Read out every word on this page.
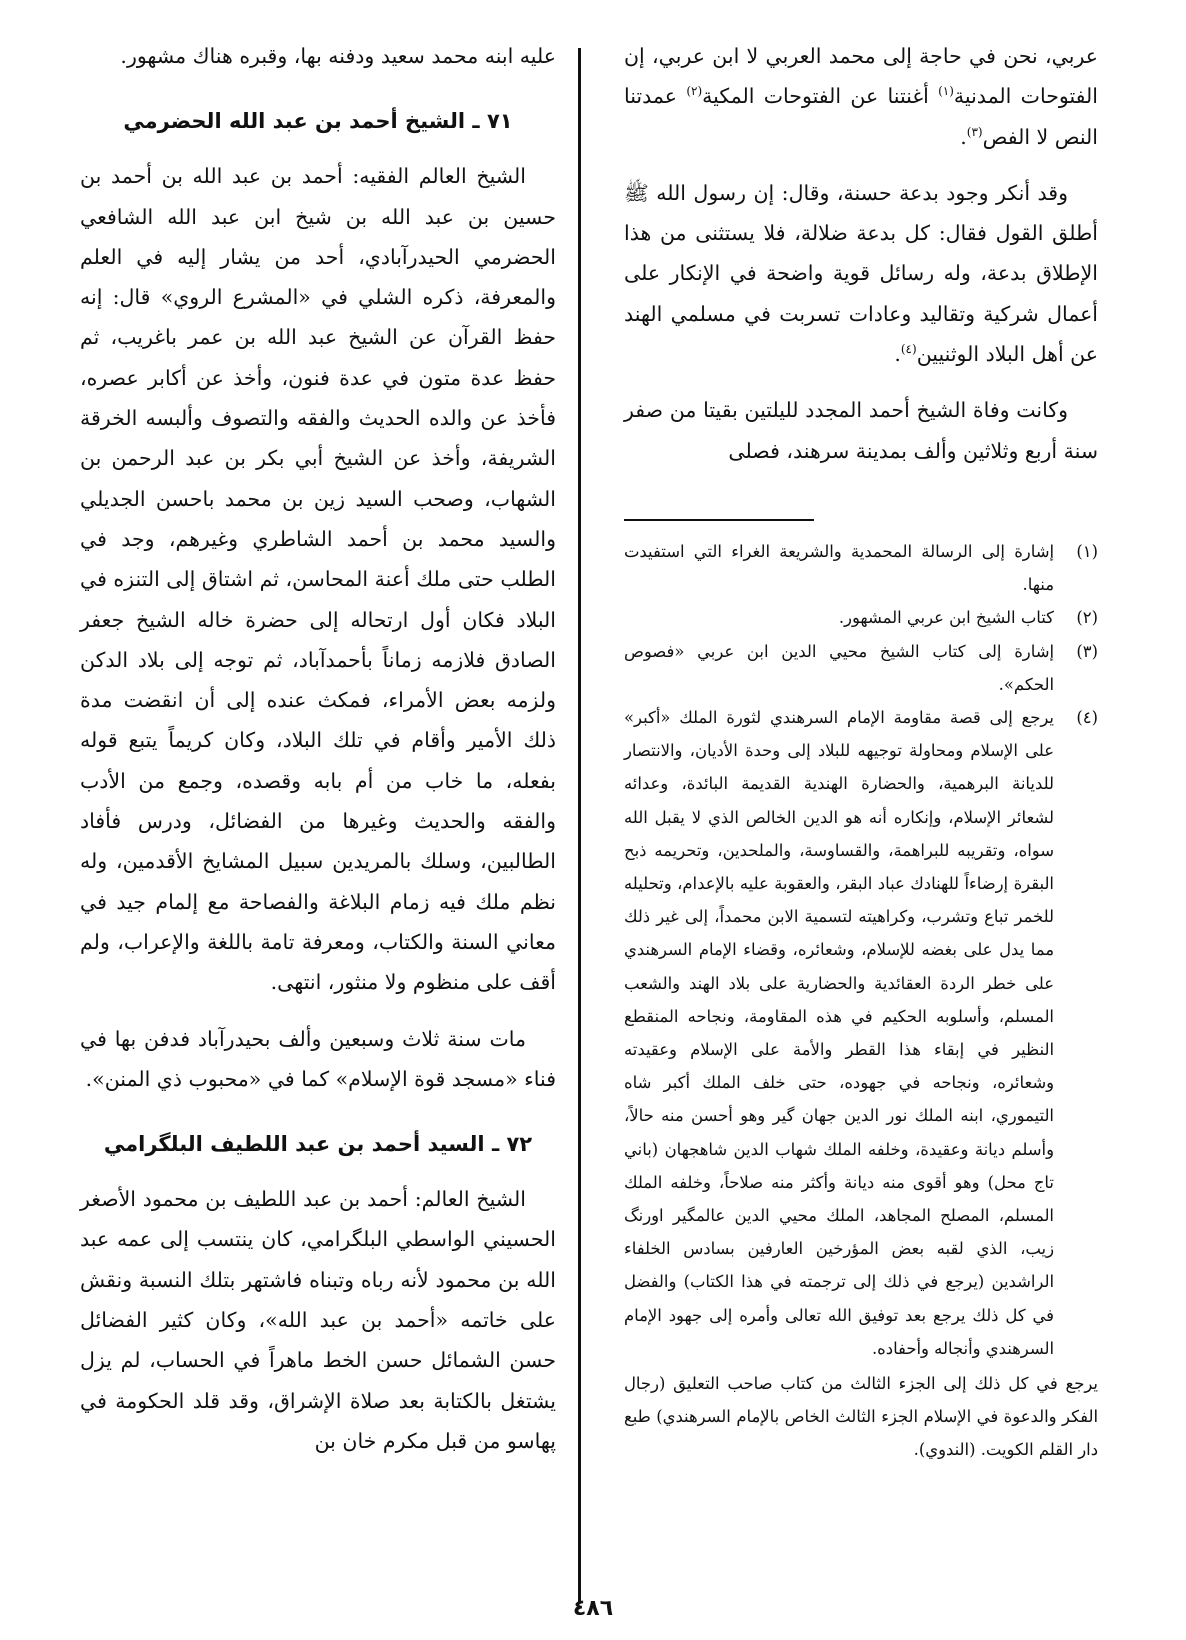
عربي، نحن في حاجة إلى محمد العربي لا ابن عربي، إن الفتوحات المدنية$^{(١)}$ أغنتنا عن الفتوحات المكية$^{(٢)}$ عمدتنا النص لا الفص$^{(٣)}$.

وقد أنكر وجود بدعة حسنة، وقال: إن رسول الله ﷺ أطلق القول فقال: كل بدعة ضلالة، فلا يستثنى من هذا الإطلاق بدعة، وله رسائل قوية واضحة في الإنكار على أعمال شركية وتقاليد وعادات تسربت في مسلمي الهند عن أهل البلاد الوثنيين$^{(٤)}$.

وكانت وفاة الشيخ أحمد المجدد لليلتين بقيتا من صفر سنة أربع وثلاثين وألف بمدينة سرهند، فصلى

(١)
إشارة إلى الرسالة المحمدية والشريعة الغراء التي استفيدت منها.
(٢)
كتاب الشيخ ابن عربي المشهور.
(٣)
إشارة إلى كتاب الشيخ محيي الدين ابن عربي «فصوص الحكم».
(٤)
يرجع إلى قصة مقاومة الإمام السرهندي لثورة الملك «أكبر» على الإسلام ومحاولة توجيهه للبلاد إلى وحدة الأديان، والانتصار للديانة البرهمية، والحضارة الهندية القديمة البائدة، وعدائه لشعائر الإسلام، وإنكاره أنه هو الدين الخالص الذي لا يقبل الله سواه، وتقريبه للبراهمة، والقساوسة، والملحدين، وتحريمه ذبح البقرة إرضاءاً للهنادك عباد البقر، والعقوبة عليه بالإعدام، وتحليله للخمر تباع وتشرب، وكراهيته لتسمية الابن محمداً، إلى غير ذلك مما يدل على بغضه للإسلام، وشعائره، وقضاء الإمام السرهندي على خطر الردة العقائدية والحضارية على بلاد الهند والشعب المسلم، وأسلوبه الحكيم في هذه المقاومة، ونجاحه المنقطع النظير في إبقاء هذا القطر والأمة على الإسلام وعقيدته وشعائره، ونجاحه في جهوده، حتى خلف الملك أكبر شاه التيموري، ابنه الملك نور الدين جهان گير وهو أحسن منه حالاً، وأسلم ديانة وعقيدة، وخلفه الملك شهاب الدين شاهجهان (باني تاج محل) وهو أقوى منه ديانة وأكثر منه صلاحاً، وخلفه الملك المسلم، المصلح المجاهد، الملك محيي الدين عالمگير اورنگ زيب، الذي لقبه بعض المؤرخين العارفين بسادس الخلفاء الراشدين (يرجع في ذلك إلى ترجمته في هذا الكتاب) والفضل في كل ذلك يرجع بعد توفيق الله تعالى وأمره إلى جهود الإمام السرهندي وأنجاله وأحفاده.

يرجع في كل ذلك إلى الجزء الثالث من كتاب صاحب التعليق (رجال الفكر والدعوة في الإسلام الجزء الثالث الخاص بالإمام السرهندي) طبع دار القلم الكويت. (الندوي).

عليه ابنه محمد سعيد ودفنه بها، وقبره هناك مشهور.

٧١ ـ الشيخ أحمد بن عبد الله الحضرمي

الشيخ العالم الفقيه: أحمد بن عبد الله بن أحمد بن حسين بن عبد الله بن شيخ ابن عبد الله الشافعي الحضرمي الحيدرآبادي، أحد من يشار إليه في العلم والمعرفة، ذكره الشلي في «المشرع الروي» قال: إنه حفظ القرآن عن الشيخ عبد الله بن عمر باغريب، ثم حفظ عدة متون في عدة فنون، وأخذ عن أكابر عصره، فأخذ عن والده الحديث والفقه والتصوف وألبسه الخرقة الشريفة، وأخذ عن الشيخ أبي بكر بن عبد الرحمن بن الشهاب، وصحب السيد زين بن محمد باحسن الجديلي والسيد محمد بن أحمد الشاطري وغيرهم، وجد في الطلب حتى ملك أعنة المحاسن، ثم اشتاق إلى التنزه في البلاد فكان أول ارتحاله إلى حضرة خاله الشيخ جعفر الصادق فلازمه زماناً بأحمدآباد، ثم توجه إلى بلاد الدكن ولزمه بعض الأمراء، فمكث عنده إلى أن انقضت مدة ذلك الأمير وأقام في تلك البلاد، وكان كريماً يتبع قوله بفعله، ما خاب من أم بابه وقصده، وجمع من الأدب والفقه والحديث وغيرها من الفضائل، ودرس فأفاد الطالبين، وسلك بالمريدين سبيل المشايخ الأقدمين، وله نظم ملك فيه زمام البلاغة والفصاحة مع إلمام جيد في معاني السنة والكتاب، ومعرفة تامة باللغة والإعراب، ولم أقف على منظوم ولا منثور، انتهى.

مات سنة ثلاث وسبعين وألف بحيدرآباد فدفن بها في فناء «مسجد قوة الإسلام» كما في «محبوب ذي المنن».

٧٢ ـ السيد أحمد بن عبد اللطيف البلگرامي

الشيخ العالم: أحمد بن عبد اللطيف بن محمود الأصغر الحسيني الواسطي البلگرامي، كان ينتسب إلى عمه عبد الله بن محمود لأنه رباه وتبناه فاشتهر بتلك النسبة ونقش على خاتمه «أحمد بن عبد الله»، وكان كثير الفضائل حسن الشمائل حسن الخط ماهراً في الحساب، لم يزل يشتغل بالكتابة بعد صلاة الإشراق، وقد قلد الحكومة في پهاسو من قبل مكرم خان بن

٤٨٦
